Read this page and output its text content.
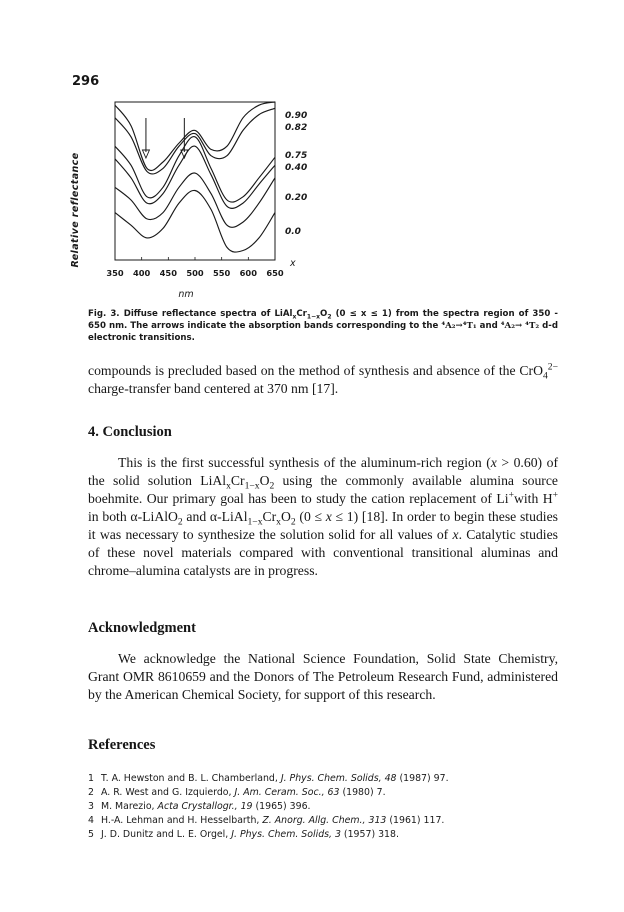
296
0.90
0.82
0.75
0.40
0.20
0.0
Relative reflectance	x
350 400 450 500 550 600 650
nm
Fig. 3. Diffuse reflectance spectra of $LiAl_xCr_{1-x}O_2$ (0 ≤ x ≤ 1) from the spectra region of 350 - 650 nm. The arrows indicate the absorption bands corresponding to the ⁴A₂→⁴T₁ and ⁴A₂→ ⁴T₂ d-d electronic transitions.

compounds is precluded based on the method of synthesis and absence of the CrO$_4^{2-}$ charge-transfer band centered at 370 nm [17].

4. Conclusion

This is the first successful synthesis of the aluminum-rich region (x > 0.60) of the solid solution $LiAl_xCr_{1-x}O_2$ using the commonly available alumina source boehmite. Our primary goal has been to study the cation replacement of Li+with H+ in both α-LiAlO$_2$ and $\alpha-LiAl_{1-x}Cr_xO_2$ (0 ≤ x ≤ 1) [18]. In order to begin these studies it was necessary to synthesize the solution solid for all values of x. Catalytic studies of these novel materials compared with conventional transitional aluminas and chrome–alumina catalysts are in progress.

Acknowledgment

We acknowledge the National Science Foundation, Solid State Chemistry, Grant OMR 8610659 and the Donors of The Petroleum Research Fund, administered by the American Chemical Society, for support of this research.

References
1 T. A. Hewston and B. L. Chamberland, J. Phys. Chem. Solids, 48 (1987) 97.
2 A. R. West and G. Izquierdo, J. Am. Ceram. Soc., 63 (1980) 7.
3 M. Marezio, Acta Crystallogr., 19 (1965) 396.
4 H.-A. Lehman and H. Hesselbarth, Z. Anorg. Allg. Chem., 313 (1961) 117.
5 J. D. Dunitz and L. E. Orgel, J. Phys. Chem. Solids, 3 (1957) 318.
